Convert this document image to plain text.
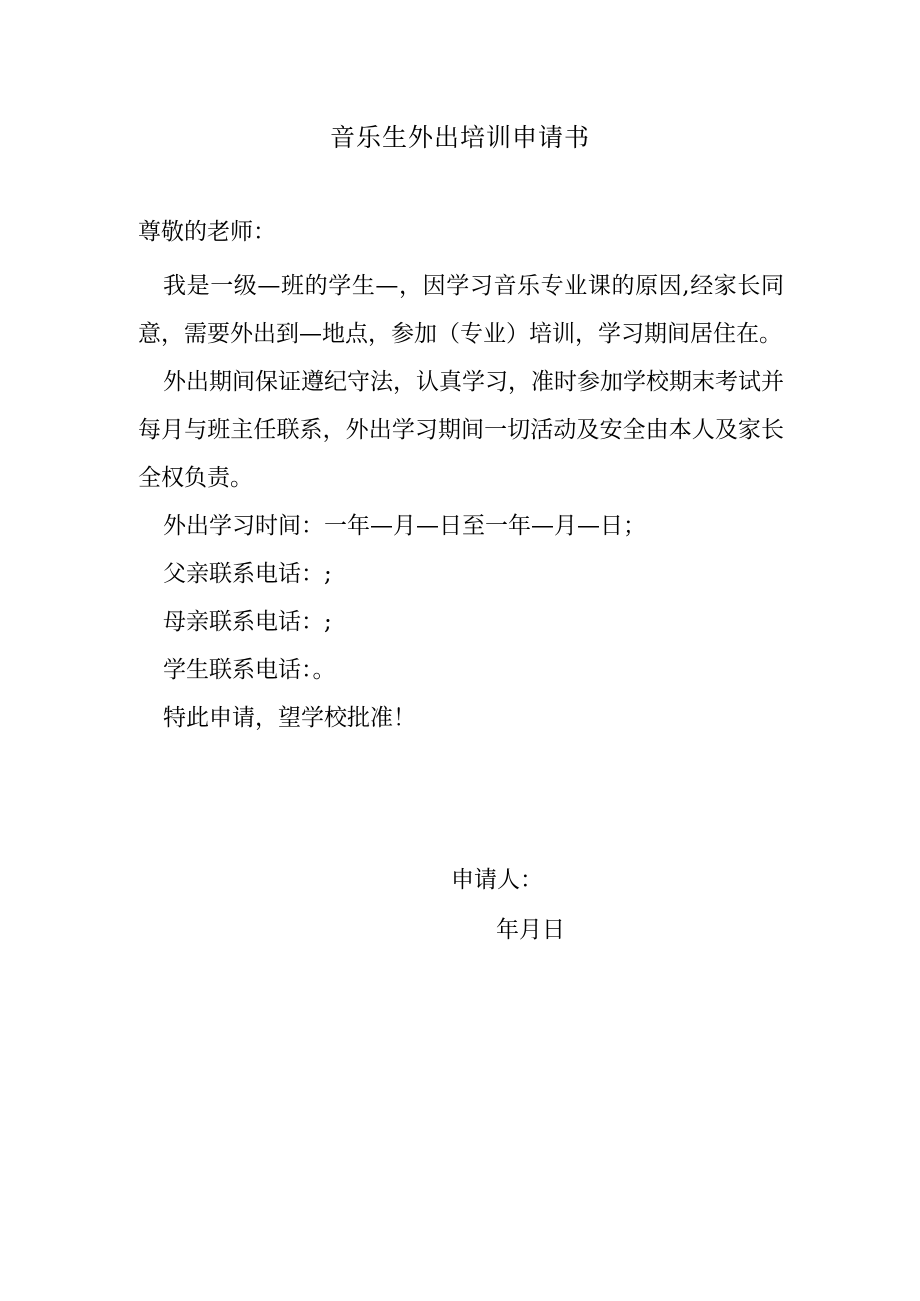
音乐生外出培训申请书
尊敬的老师：

我是一级—班的学生—，因学习音乐专业课的原因,经家长同意，需要外出到—地点，参加（专业）培训，学习期间居住在。

外出期间保证遵纪守法，认真学习，准时参加学校期末考试并每月与班主任联系，外出学习期间一切活动及安全由本人及家长全权负责。

外出学习时间：一年—月—日至一年—月—日；

父亲联系电话：;

母亲联系电话：;

学生联系电话：。

特此申请，望学校批准！

申请人：
年月日
